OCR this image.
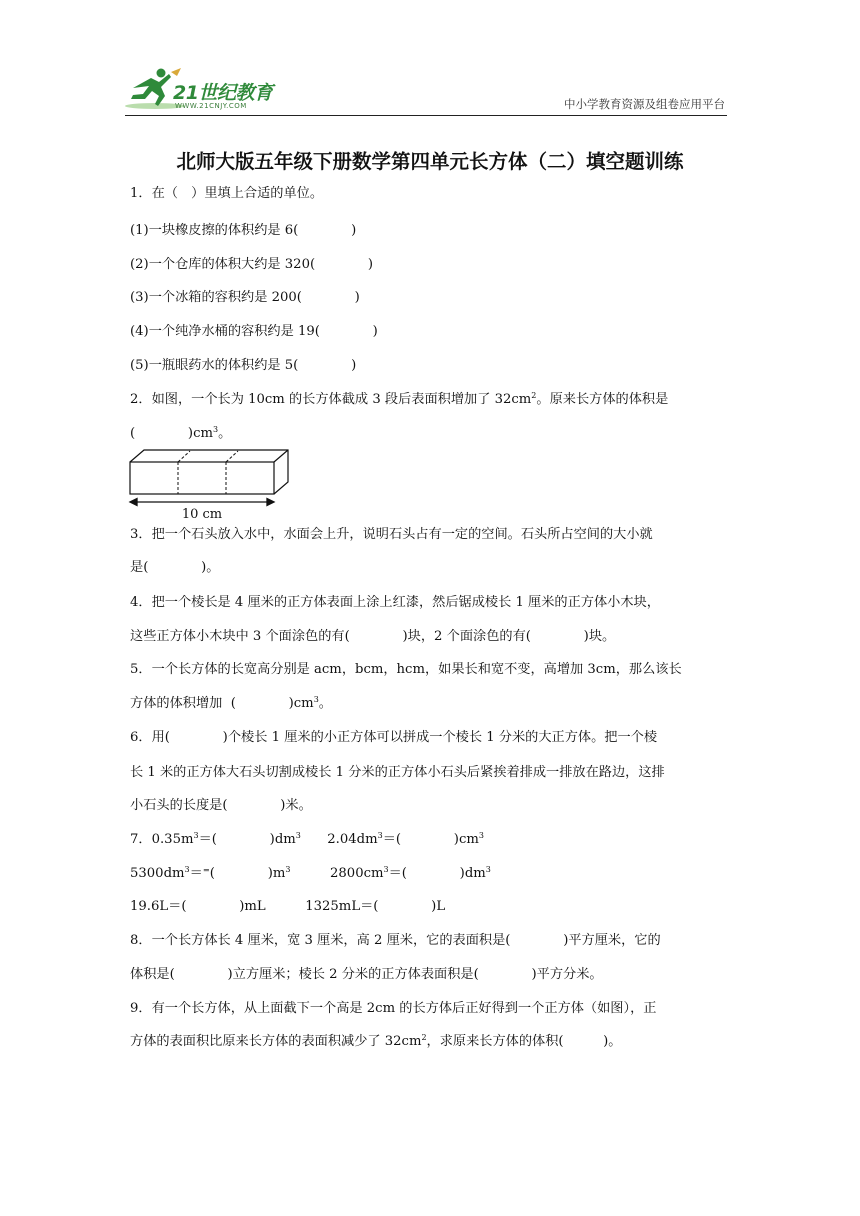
21世纪教育
WWW.21CNJY.COM	中小学教育资源及组卷应用平台
北师大版五年级下册数学第四单元长方体（二）填空题训练
1．在（　 ）里填上合适的单位。
(1)一块橡皮擦的体积约是 6(　　　　	)
(2)一个仓库的体积大约是 320(　　　　	)
(3)一个冰箱的容积约是 200(　　　　	)
(4)一个纯净水桶的容积约是 19(　　　　	)
(5)一瓶眼药水的体积约是 5(　　　　	)
2．如图，一个长为 10cm 的长方体截成 3 段后表面积增加了 $32cm^2$。原来长方体的体积是
(　　　　	)$cm^3$。
3．把一个石头放入水中，水面会上升，说明石头占有一定的空间。石头所占空间的大小就
是(　　　　	)。
4．把一个棱长是 4 厘米的正方体表面上涂上红漆，然后锯成棱长 1 厘米的正方体小木块，
这些正方体小木块中 3 个面涂色的有(　　　　	)块，2 个面涂色的有(　　　　	)块。
5．一个长方体的长宽高分别是 acm，bcm，hcm，如果长和宽不变，高增加 3cm，那么该长
方体的体积增加 (　　　　	)$cm^3$。
6．用(　　　　	)个棱长 1 厘米的小正方体可以拼成一个棱长 1 分米的大正方体。把一个棱
长 1 米的正方体大石头切割成棱长 1 分米的正方体小石头后紧挨着排成一排放在路边，这排
小石头的长度是(　　　　	)米。
7．$0.35m^3=$(　　　　	)$dm^3$　　 $2.04dm^3=$(　　　　	)$cm^3$
$5300dm^3=^=$(　　　　	)$m^3$　　　	$2800cm^3=$(　　　　	)$dm^3$
19.6L＝(　　　　	)mL　　　	1325mL＝(　　　　	)L
8．一个长方体长 4 厘米，宽 3 厘米，高 2 厘米，它的表面积是(　　　　	)平方厘米，它的
体积是(　　　　	)立方厘米；棱长 2 分米的正方体表面积是(　　　　	)平方分米。
9．有一个长方体，从上面截下一个高是 2cm 的长方体后正好得到一个正方体（如图），正
方体的表面积比原来长方体的表面积减少了 $32cm^2$，求原来长方体的体积(　　　	)。
10 cm
